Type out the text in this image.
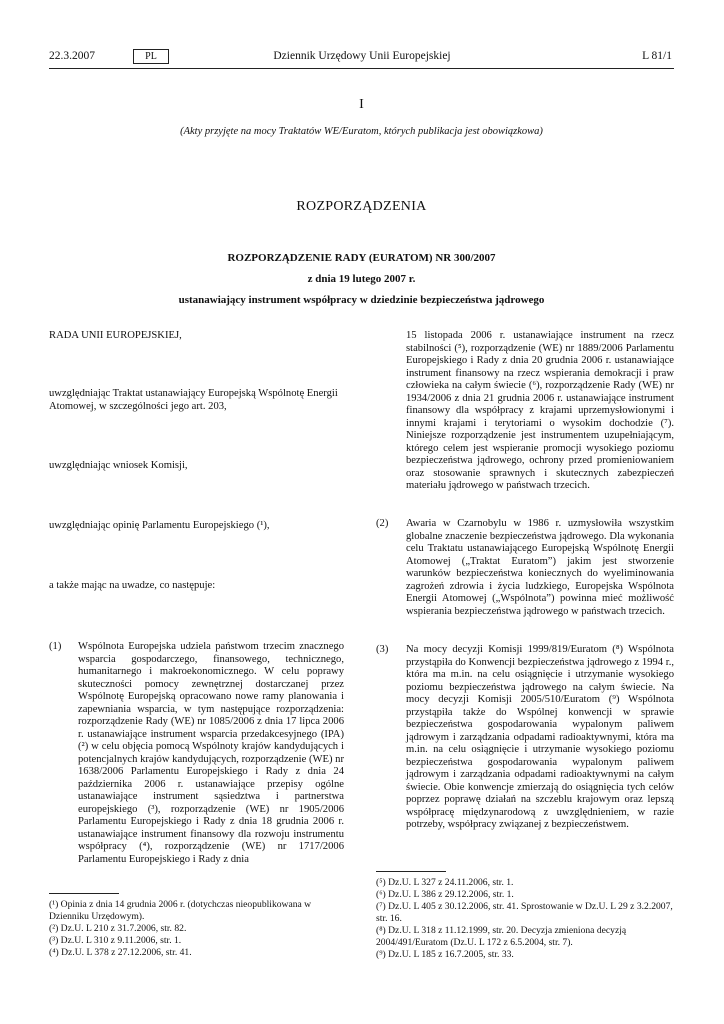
22.3.2007	PL	Dziennik Urzędowy Unii Europejskiej	L 81/1
I
(Akty przyjęte na mocy Traktatów WE/Euratom, których publikacja jest obowiązkowa)
ROZPORZĄDZENIA
ROZPORZĄDZENIE RADY (EURATOM) NR 300/2007
z dnia 19 lutego 2007 r.
ustanawiający instrument współpracy w dziedzinie bezpieczeństwa jądrowego
RADA UNII EUROPEJSKIEJ,
uwzględniając Traktat ustanawiający Europejską Wspólnotę Energii Atomowej, w szczególności jego art. 203,
uwzględniając wniosek Komisji,
uwzględniając opinię Parlamentu Europejskiego (¹),
a także mając na uwadze, co następuje:
(1) Wspólnota Europejska udziela państwom trzecim znacznego wsparcia gospodarczego, finansowego, technicznego, humanitarnego i makroekonomicznego. W celu poprawy skuteczności pomocy zewnętrznej dostarczanej przez Wspólnotę Europejską opracowano nowe ramy planowania i zapewniania wsparcia, w tym następujące rozporządzenia: rozporządzenie Rady (WE) nr 1085/2006 z dnia 17 lipca 2006 r. ustanawiające instrument wsparcia przedakcesyjnego (IPA) (²) w celu objęcia pomocą Wspólnoty krajów kandydujących i potencjalnych krajów kandydujących, rozporządzenie (WE) nr 1638/2006 Parlamentu Europejskiego i Rady z dnia 24 października 2006 r. ustanawiające przepisy ogólne ustanawiające instrument sąsiedztwa i partnerstwa europejskiego (³), rozporządzenie (WE) nr 1905/2006 Parlamentu Europejskiego i Rady z dnia 18 grudnia 2006 r. ustanawiające instrument finansowy dla rozwoju instrumentu współpracy (⁴), rozporządzenie (WE) nr 1717/2006 Parlamentu Europejskiego i Rady z dnia
15 listopada 2006 r. ustanawiające instrument na rzecz stabilności (⁵), rozporządzenie (WE) nr 1889/2006 Parlamentu Europejskiego i Rady z dnia 20 grudnia 2006 r. ustanawiające instrument finansowy na rzecz wspierania demokracji i praw człowieka na całym świecie (⁶), rozporządzenie Rady (WE) nr 1934/2006 z dnia 21 grudnia 2006 r. ustanawiające instrument finansowy dla współpracy z krajami uprzemysłowionymi i innymi krajami i terytoriami o wysokim dochodzie (⁷). Niniejsze rozporządzenie jest instrumentem uzupełniającym, którego celem jest wspieranie promocji wysokiego poziomu bezpieczeństwa jądrowego, ochrony przed promieniowaniem oraz stosowanie sprawnych i skutecznych zabezpieczeń materiału jądrowego w państwach trzecich.
(2) Awaria w Czarnobylu w 1986 r. uzmysłowiła wszystkim globalne znaczenie bezpieczeństwa jądrowego. Dla wykonania celu Traktatu ustanawiającego Europejską Wspólnotę Energii Atomowej („Traktat Euratom”) jakim jest stworzenie warunków bezpieczeństwa koniecznych do wyeliminowania zagrożeń zdrowia i życia ludzkiego, Europejska Wspólnota Energii Atomowej („Wspólnota”) powinna mieć możliwość wspierania bezpieczeństwa jądrowego w państwach trzecich.
(3) Na mocy decyzji Komisji 1999/819/Euratom (⁸) Wspólnota przystąpiła do Konwencji bezpieczeństwa jądrowego z 1994 r., która ma m.in. na celu osiągnięcie i utrzymanie wysokiego poziomu bezpieczeństwa jądrowego na całym świecie. Na mocy decyzji Komisji 2005/510/Euratom (⁹) Wspólnota przystąpiła także do Wspólnej konwencji w sprawie bezpieczeństwa gospodarowania wypalonym paliwem jądrowym i zarządzania odpadami radioaktywnymi, która ma m.in. na celu osiągnięcie i utrzymanie wysokiego poziomu bezpieczeństwa gospodarowania wypalonym paliwem jądrowym i zarządzania odpadami radioaktywnymi na całym świecie. Obie konwencje zmierzają do osiągnięcia tych celów poprzez poprawę działań na szczeblu krajowym oraz lepszą współpracę międzynarodową z uwzględnieniem, w razie potrzeby, współpracy związanej z bezpieczeństwem.
(¹) Opinia z dnia 14 grudnia 2006 r. (dotychczas nieopublikowana w Dzienniku Urzędowym).
(²) Dz.U. L 210 z 31.7.2006, str. 82.
(³) Dz.U. L 310 z 9.11.2006, str. 1.
(⁴) Dz.U. L 378 z 27.12.2006, str. 41.
(⁵) Dz.U. L 327 z 24.11.2006, str. 1.
(⁶) Dz.U. L 386 z 29.12.2006, str. 1.
(⁷) Dz.U. L 405 z 30.12.2006, str. 41. Sprostowanie w Dz.U. L 29 z 3.2.2007, str. 16.
(⁸) Dz.U. L 318 z 11.12.1999, str. 20. Decyzja zmieniona decyzją 2004/491/Euratom (Dz.U. L 172 z 6.5.2004, str. 7).
(⁹) Dz.U. L 185 z 16.7.2005, str. 33.
